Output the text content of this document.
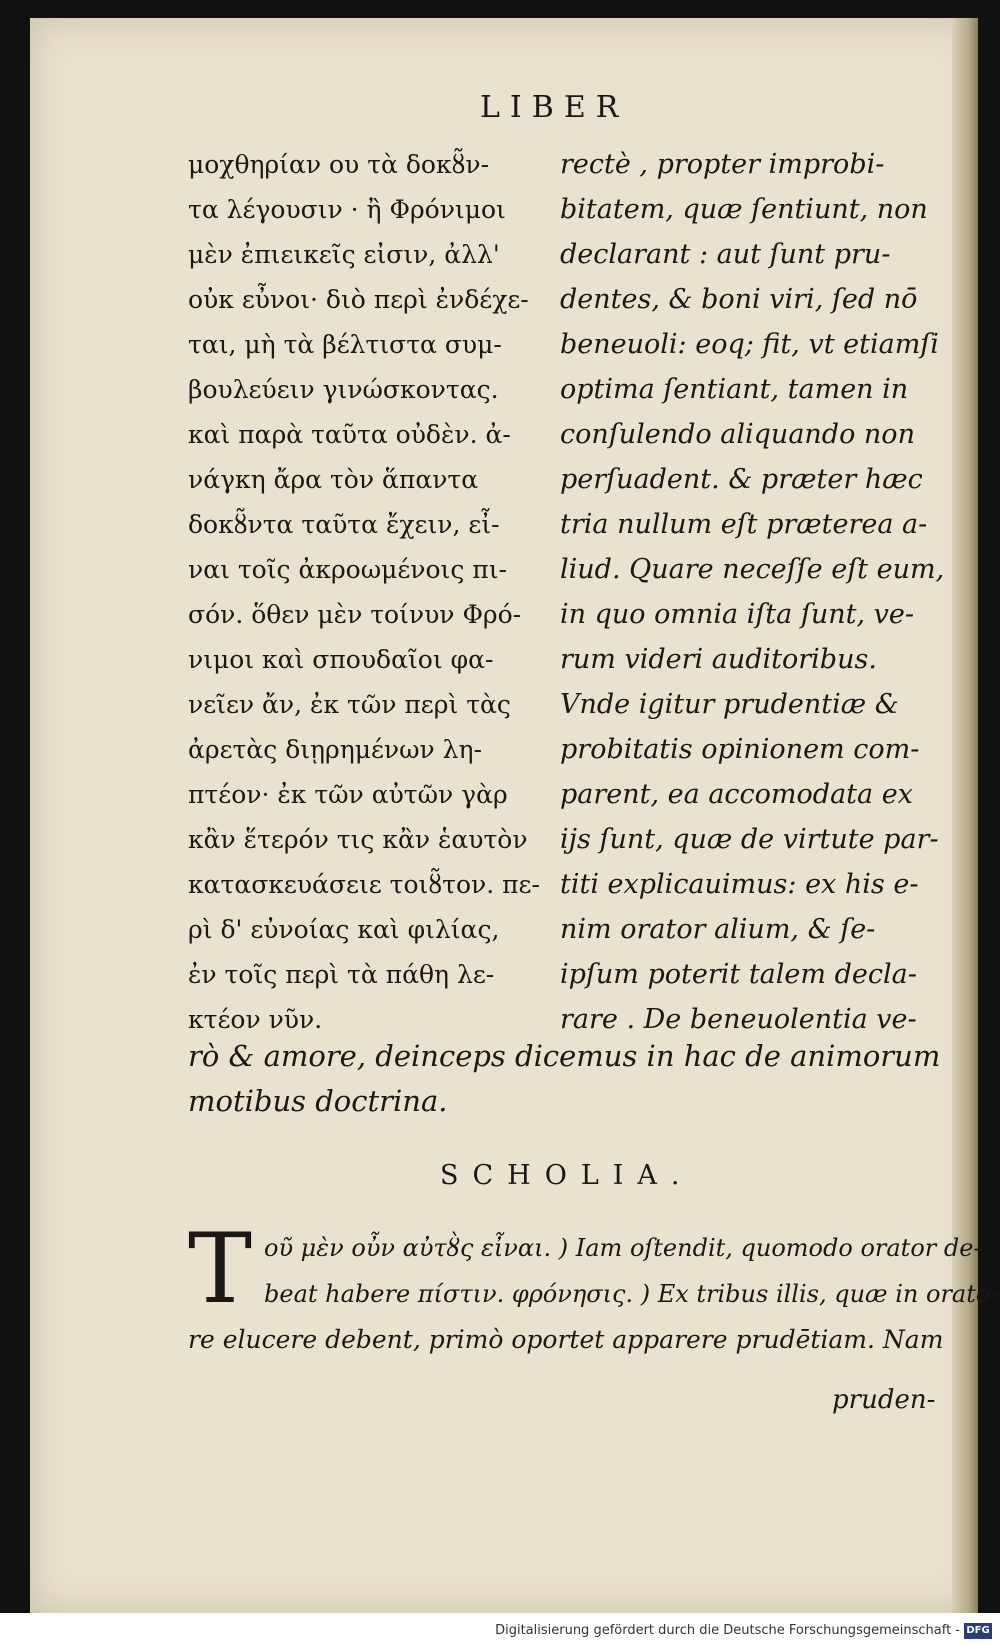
LIBER
μοχθηρίαν ου τὰ δοκȣ̃ν-
τα λέγουσιν · ἢ Φρόνιμοι
μὲν ἐπιεικεῖς εἰσιν, ἀλλ'
οὐκ εὖνοι· διὸ περὶ ἐνδέχε-
ται, μὴ τὰ βέλτιστα συμ-
βουλεύειν γινώσκοντας.
καὶ παρὰ ταῦτα οὐδὲν. ἀ-
νάγκη ἄρα τὸν ἅπαντα
δοκȣ̃ντα ταῦτα ἔχειν, εἶ-
ναι τοῖς ἀκροωμένοις πι-
σόν. ὅθεν μὲν τοίνυν Φρό-
νιμοι καὶ σπουδαῖοι φα-
νεῖεν ἄν, ἐκ τῶν περὶ τὰς
ἀρετὰς διῃρημένων λη-
πτέον· ἐκ τῶν αὐτῶν γὰρ
κἂν ἕτερόν τις κἂν ἑαυτὸν
κατασκευάσειε τοιȣ̃τον. πε-
ρὶ δ' εὐνοίας καὶ φιλίας,
ἐν τοῖς περὶ τὰ πάθη λε-
κτέον νῦν.
rectè , propter improbi-
bitatem, quæ ſentiunt, non
declarant : aut ſunt pru-
dentes, & boni viri, ſed nō
beneuoli: eoq; fit, vt etiamſi
optima ſentiant, tamen in
conſulendo aliquando non
perſuadent. & præter hæc
tria nullum eſt præterea a-
liud. Quare neceſſe eſt eum,
in quo omnia iſta ſunt, ve-
rum videri auditoribus.
Vnde igitur prudentiæ &
probitatis opinionem com-
parent, ea accomodata ex
ijs ſunt, quæ de virtute par-
titi explicauimus: ex his e-
nim orator alium, & ſe-
ipſum poterit talem decla-
rare . De beneuolentia ve-
rò & amore, deinceps dicemus in hac de animorum
motibus doctrina.
SCHOLIA.
T οῦ μὲν οὖν αὐτȣ̀ς εἶναι. ) Iam oſtendit, quomodo orator de-
beat habere πίστιν. φρόνησις. ) Ex tribus illis, quæ in orato-
re elucere debent, primò oportet apparere prudētiam. Nam
pruden-
Digitalisierung gefördert durch die Deutsche Forschungsgemeinschaft - DFG
